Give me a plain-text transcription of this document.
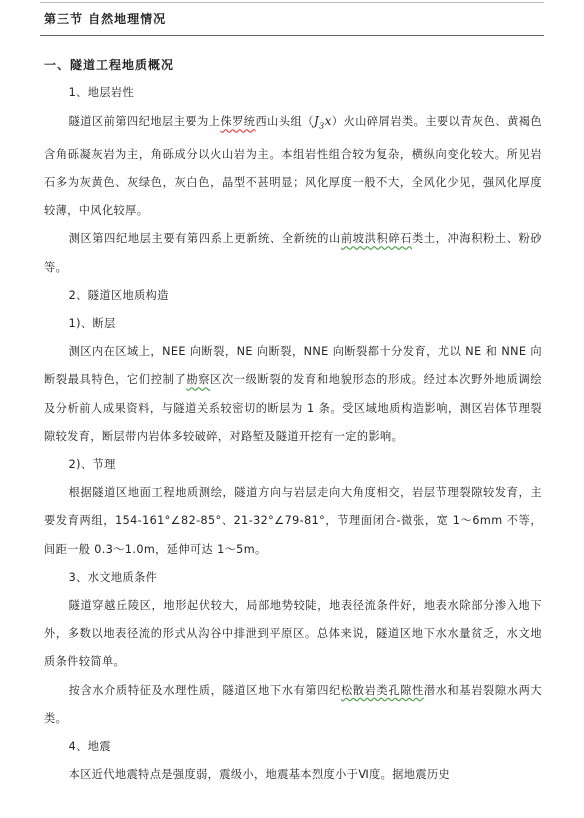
第三节 自然地理情况
一、隧道工程地质概况

1、地层岩性

隧道区前第四纪地层主要为上侏罗统西山头组$(J_3x)$火山碎屑岩类。主要以青灰色、黄褐色含角砾凝灰岩为主，角砾成分以火山岩为主。本组岩性组合较为复杂，横纵向变化较大。所见岩石多为灰黄色、灰绿色，灰白色，晶型不甚明显；风化厚度一般不大，全风化少见，强风化厚度较薄，中风化较厚。

测区第四纪地层主要有第四系上更新统、全新统的山前坡洪积碎石类土，冲海积粉土、粉砂等。

2、隧道区地质构造

1)、断层

测区内在区域上，NEE 向断裂，NE 向断裂，NNE 向断裂都十分发育，尤以 NE 和 NNE 向断裂最具特色，它们控制了勘察区次一级断裂的发育和地貌形态的形成。经过本次野外地质调绘及分析前人成果资料，与隧道关系较密切的断层为 1 条。受区域地质构造影响，测区岩体节理裂隙较发育，断层带内岩体多较破碎，对路堑及隧道开挖有一定的影响。

2)、节理

根据隧道区地面工程地质测绘，隧道方向与岩层走向大角度相交，岩层节理裂隙较发育，主要发育两组，154-161°∠82-85°、21-32°∠79-81°，节理面闭合-微张，宽 1～6mm 不等，间距一般 0.3～1.0m，延伸可达 1～5m。

3、水文地质条件

隧道穿越丘陵区，地形起伏较大，局部地势较陡，地表径流条件好，地表水除部分渗入地下外，多数以地表径流的形式从沟谷中排泄到平原区。总体来说，隧道区地下水水量贫乏，水文地质条件较简单。

按含水介质特征及水理性质，隧道区地下水有第四纪松散岩类孔隙性潜水和基岩裂隙水两大类。

4、地震

本区近代地震特点是强度弱，震级小，地震基本烈度小于Ⅵ度。据地震历史
